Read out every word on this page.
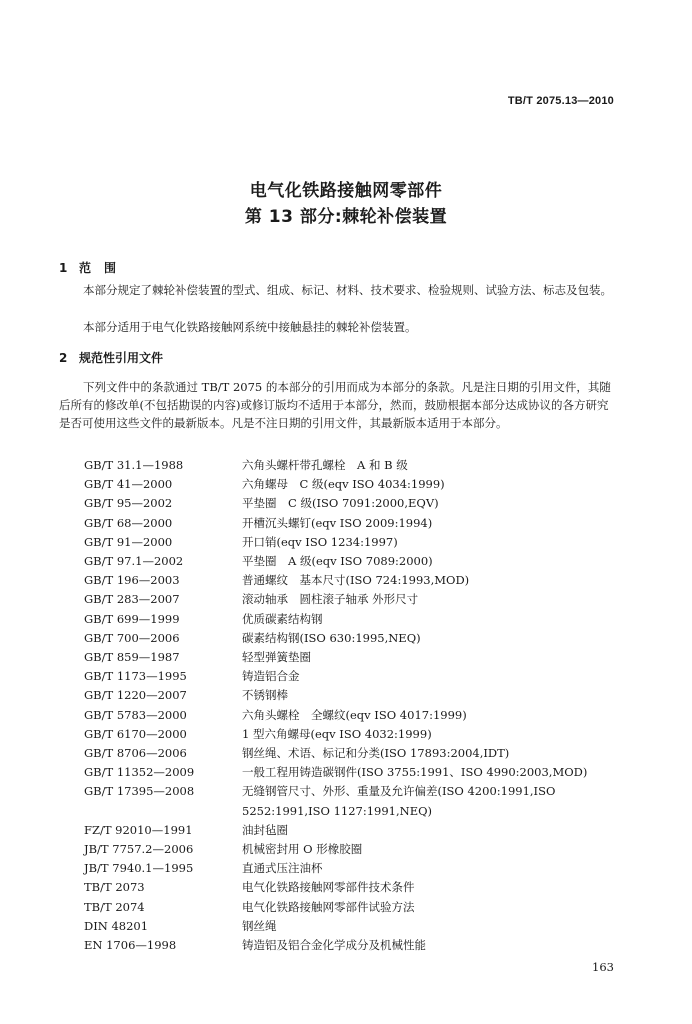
TB/T 2075.13—2010
电气化铁路接触网零部件
第 13 部分:棘轮补偿装置
1 范围
本部分规定了棘轮补偿装置的型式、组成、标记、材料、技术要求、检验规则、试验方法、标志及包装。
本部分适用于电气化铁路接触网系统中接触悬挂的棘轮补偿装置。
2 规范性引用文件
下列文件中的条款通过 TB/T 2075 的本部分的引用而成为本部分的条款。凡是注日期的引用文件，其随后所有的修改单(不包括勘误的内容)或修订版均不适用于本部分，然而，鼓励根据本部分达成协议的各方研究是否可使用这些文件的最新版本。凡是不注日期的引用文件，其最新版本适用于本部分。
GB/T 31.1—1988	六角头螺杆带孔螺栓　A 和 B 级
GB/T 41—2000	六角螺母　C 级(eqv ISO 4034:1999)
GB/T 95—2002	平垫圈　C 级(ISO 7091:2000,EQV)
GB/T 68—2000	开槽沉头螺钉(eqv ISO 2009:1994)
GB/T 91—2000	开口销(eqv ISO 1234:1997)
GB/T 97.1—2002	平垫圈　A 级(eqv ISO 7089:2000)
GB/T 196—2003	普通螺纹　基本尺寸(ISO 724:1993,MOD)
GB/T 283—2007	滚动轴承　圆柱滚子轴承 外形尺寸
GB/T 699—1999	优质碳素结构钢
GB/T 700—2006	碳素结构钢(ISO 630:1995,NEQ)
GB/T 859—1987	轻型弹簧垫圈
GB/T 1173—1995	铸造铝合金
GB/T 1220—2007	不锈钢棒
GB/T 5783—2000	六角头螺栓　全螺纹(eqv ISO 4017:1999)
GB/T 6170—2000	1 型六角螺母(eqv ISO 4032:1999)
GB/T 8706—2006	钢丝绳、术语、标记和分类(ISO 17893:2004,IDT)
GB/T 11352—2009	一般工程用铸造碳钢件(ISO 3755:1991、ISO 4990:2003,MOD)
GB/T 17395—2008	无缝钢管尺寸、外形、重量及允许偏差(ISO 4200:1991,ISO 5252:1991,ISO 1127:1991,NEQ)
FZ/T 92010—1991	油封毡圈
JB/T 7757.2—2006	机械密封用 O 形橡胶圈
JB/T 7940.1—1995	直通式压注油杯
TB/T 2073	电气化铁路接触网零部件技术条件
TB/T 2074	电气化铁路接触网零部件试验方法
DIN 48201	钢丝绳
EN 1706—1998	铸造铝及铝合金化学成分及机械性能
163
